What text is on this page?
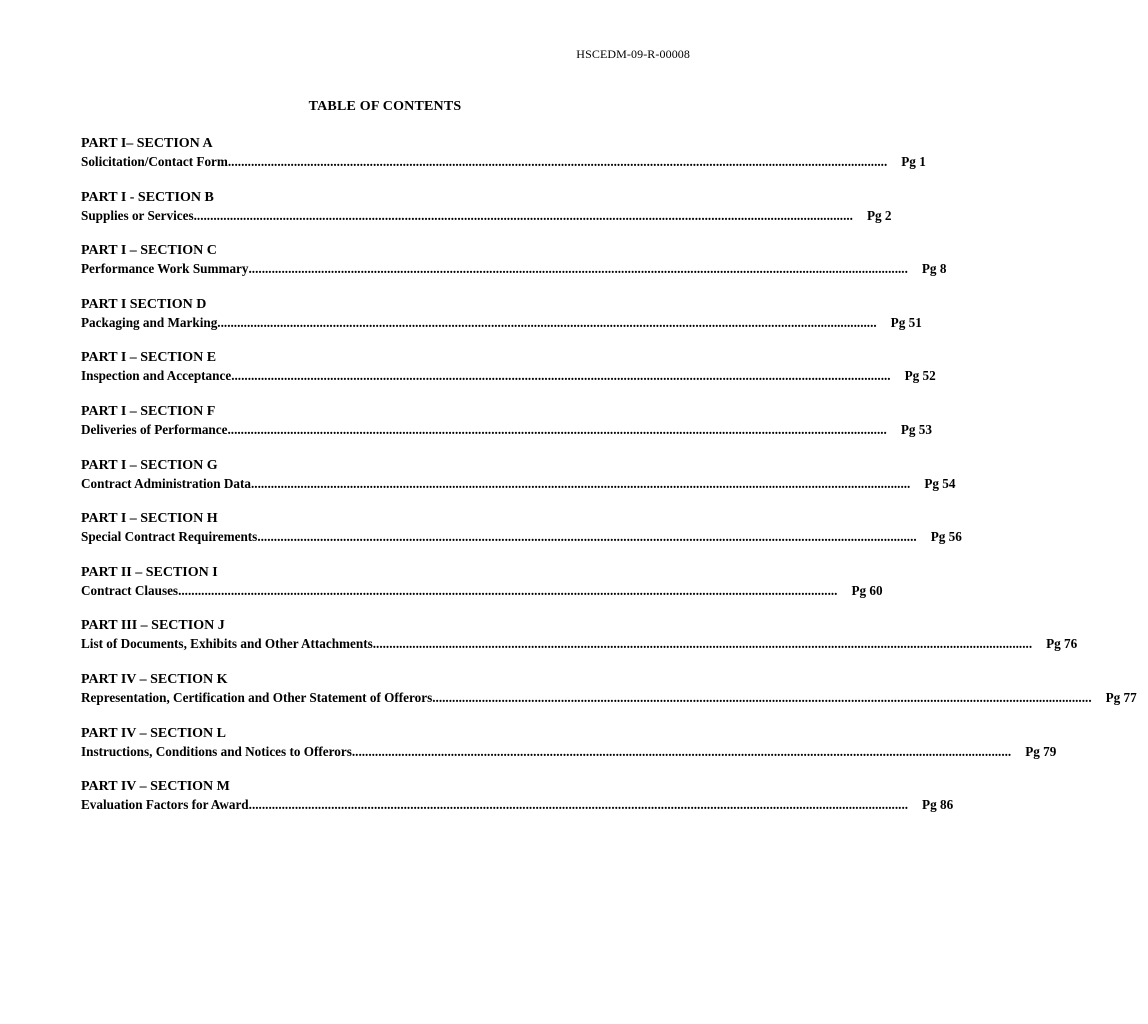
HSCEDM-09-R-00008
TABLE OF CONTENTS
PART I– SECTION A
Solicitation/Contact Form ........................................................................................................................................................................................................ Pg 1
PART I - SECTION B
Supplies or Services ........................................................................................................................................................................................................ Pg 2
PART I – SECTION C
Performance Work Summary ........................................................................................................................................................................................................ Pg 8
PART I SECTION D
Packaging and Marking ........................................................................................................................................................................................................ Pg 51
PART I – SECTION E
Inspection and Acceptance ........................................................................................................................................................................................................ Pg 52
PART I – SECTION F
Deliveries of Performance ........................................................................................................................................................................................................ Pg 53
PART I – SECTION G
Contract Administration Data ........................................................................................................................................................................................................ Pg 54
PART I – SECTION H
Special Contract Requirements ........................................................................................................................................................................................................ Pg 56
PART II – SECTION I
Contract Clauses ........................................................................................................................................................................................................ Pg 60
PART III – SECTION J
List of Documents, Exhibits and Other Attachments ........................................................................................................................................................................................................ Pg 76
PART IV – SECTION K
Representation, Certification and Other Statement of Offerors ........................................................................................................................................................................................................ Pg 77
PART IV – SECTION L
Instructions, Conditions and Notices to Offerors ........................................................................................................................................................................................................ Pg 79
PART IV – SECTION M
Evaluation Factors for Award ........................................................................................................................................................................................................ Pg 86
